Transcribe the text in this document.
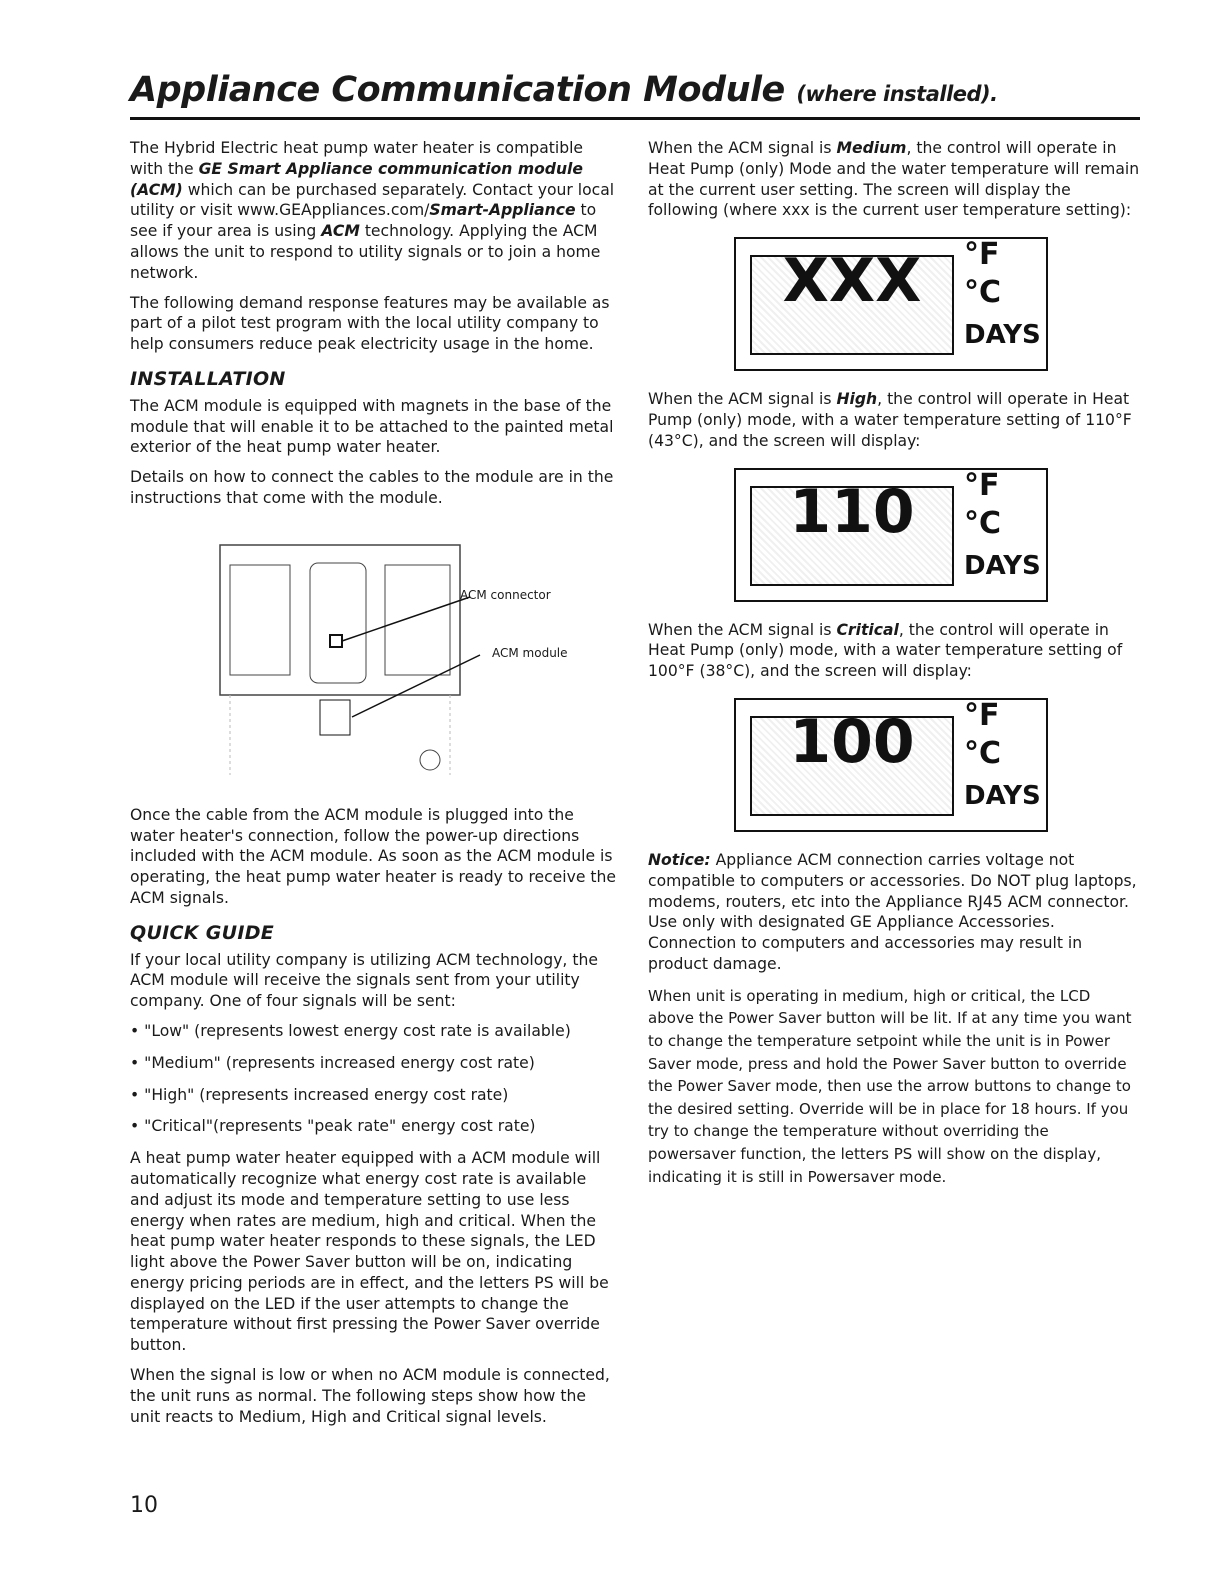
Appliance Communication Module (where installed).

The Hybrid Electric heat pump water heater is compatible with the GE Smart Appliance communication module (ACM) which can be purchased separately. Contact your local utility or visit www.GEAppliances.com/Smart-Appliance to see if your area is using ACM technology. Applying the ACM allows the unit to respond to utility signals or to join a home network.

The following demand response features may be available as part of a pilot test program with the local utility company to help consumers reduce peak electricity usage in the home.

INSTALLATION

The ACM module is equipped with magnets in the base of the module that will enable it to be attached to the painted metal exterior of the heat pump water heater.

Details on how to connect the cables to the module are in the instructions that come with the module.

ACM connector
ACM module

Once the cable from the ACM module is plugged into the water heater's connection, follow the power-up directions included with the ACM module. As soon as the ACM module is operating, the heat pump water heater is ready to receive the ACM signals.

QUICK GUIDE

If your local utility company is utilizing ACM technology, the ACM module will receive the signals sent from your utility company. One of four signals will be sent:

• "Low" (represents lowest energy cost rate is available)
• "Medium" (represents increased energy cost rate)
• "High" (represents increased energy cost rate)
• "Critical"(represents "peak rate" energy cost rate)

A heat pump water heater equipped with a ACM module will automatically recognize what energy cost rate is available and adjust its mode and temperature setting to use less energy when rates are medium, high and critical. When the heat pump water heater responds to these signals, the LED light above the Power Saver button will be on, indicating energy pricing periods are in effect, and the letters PS will be displayed on the LED if the user attempts to change the temperature without first pressing the Power Saver override button.

When the signal is low or when no ACM module is connected, the unit runs as normal. The following steps show how the unit reacts to Medium, High and Critical signal levels.

When the ACM signal is Medium, the control will operate in Heat Pump (only) Mode and the water temperature will remain at the current user setting. The screen will display the following (where xxx is the current user temperature setting):

XXX	°F
°C
DAYS

When the ACM signal is High, the control will operate in Heat Pump (only) mode, with a water temperature setting of 110°F (43°C), and the screen will display:

110	°F
°C
DAYS

When the ACM signal is Critical, the control will operate in Heat Pump (only) mode, with a water temperature setting of 100°F (38°C), and the screen will display:

100	°F
°C
DAYS

Notice: Appliance ACM connection carries voltage not compatible to computers or accessories. Do NOT plug laptops, modems, routers, etc into the Appliance RJ45 ACM connector. Use only with designated GE Appliance Accessories. Connection to computers and accessories may result in product damage.

When unit is operating in medium, high or critical, the LCD above the Power Saver button will be lit. If at any time you want to change the temperature setpoint while the unit is in Power Saver mode, press and hold the Power Saver button to override the Power Saver mode, then use the arrow buttons to change to the desired setting. Override will be in place for 18 hours. If you try to change the temperature without overriding the powersaver function, the letters PS will show on the display, indicating it is still in Powersaver mode.

10
